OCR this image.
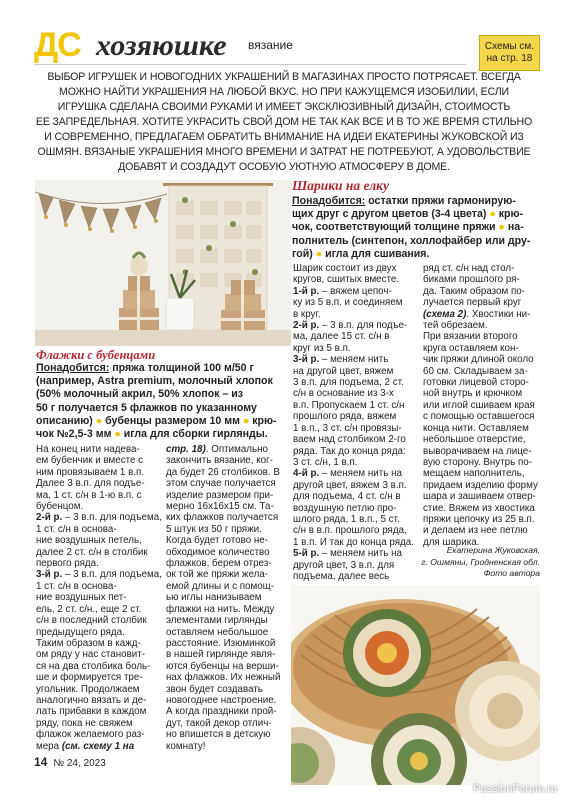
ДС хозяюшке вязание	Схемы см.
на стр. 18
ВЫБОР ИГРУШЕК И НОВОГОДНИХ УКРАШЕНИЙ В МАГАЗИНАХ ПРОСТО ПОТРЯСАЕТ. ВСЕГДА
МОЖНО НАЙТИ УКРАШЕНИЯ НА ЛЮБОЙ ВКУС. НО ПРИ КАЖУЩЕМСЯ ИЗОБИЛИИ, ЕСЛИ
ИГРУШКА СДЕЛАНА СВОИМИ РУКАМИ И ИМЕЕТ ЭКСКЛЮЗИВНЫЙ ДИЗАЙН, СТОИМОСТЬ
ЕЕ ЗАПРЕДЕЛЬНАЯ. ХОТИТЕ УКРАСИТЬ СВОЙ ДОМ НЕ ТАК КАК ВСЕ И В ТО ЖЕ ВРЕМЯ СТИЛЬНО
И СОВРЕМЕННО, ПРЕДЛАГАЕМ ОБРАТИТЬ ВНИМАНИЕ НА ИДЕИ ЕКАТЕРИНЫ ЖУКОВСКОЙ ИЗ
ОШМЯН. ВЯЗАНЫЕ УКРАШЕНИЯ МНОГО ВРЕМЕНИ И ЗАТРАТ НЕ ПОТРЕБУЮТ, А УДОВОЛЬСТВИЕ
ДОБАВЯТ И СОЗДАДУТ ОСОБУЮ УЮТНУЮ АТМОСФЕРУ В ДОМЕ.
Флажки с бубенцами
Понадобится: пряжа толщиной 100 м/50 г
(например, Astra premium, молочный хлопок
(50% молочный акрил, 50% хлопок – из
50 г получается 5 флажков по указанному
описанию) ● бубенцы размером 10 мм ● крю-
чок №2,5-3 мм ● игла для сборки гирлянды.
На конец нити надева-
ем бубенчик и вместе с
ним провязываем 1 в.п.
Далее 3 в.п. для подъе-
ма, 1 ст. с/н в 1-ю в.п. с
бубенцом.
2-й р. – 3 в.п. для подъема,
1 ст. с/н в основа-
ние воздушных петель,
далее 2 ст. с/н в столбик
первого ряда.
3-й р. – 3 в.п. для подъема,
1 ст. с/н в основа-
ние воздушных пет-
ель, 2 ст. с/н., еще 2 ст.
с/н в последний столбик
предыдущего ряда.
Таким образом в кажд-
ом ряду у нас становит-
ся на два столбика боль-
ше и формируется тре-
угольник. Продолжаем
аналогично вязать и де-
лать прибавки в каждом
ряду, пока не свяжем
флажок желаемого раз-
мера (см. схему 1 на
стр. 18). Оптимально
закончить вязание, ког-
да будет 26 столбиков. В
этом случае получается
изделие размером при-
мерно 16х16х15 см. Та-
ких флажков получается
5 штук из 50 г пряжи.
Когда будет готово не-
обходимое количество
флажков, берем отрез-
ок той же пряжи жела-
емой длины и с помощ-
ью иглы нанизываем
флажки на нить. Между
элементами гирлянды
оставляем небольшое
расстояние. Изюминкой
в нашей гирлянде явля-
ются бубенцы на верши-
нах флажков. Их нежный
звон будет создавать
новогоднее настроение.
А когда праздники прой-
дут, такой декор отлич-
но впишется в детскую
комнату!
Шарики на елку
Понадобится: остатки пряжи гармонирую-
щих друг с другом цветов (3-4 цвета) ● крю-
чок, соответствующий толщине пряжи ● на-
полнитель (синтепон, холлофайбер или дру-
гой) ● игла для сшивания.
Шарик состоит из двух
кругов, сшитых вместе.
1-й р. – вяжем цепоч-
ку из 5 в.п. и соединяем
в круг.
2-й р. – 3 в.п. для подъе-
ма, далее 15 ст. с/н в
круг из 5 в.п.
3-й р. – меняем нить
на другой цвет, вяжем
3 в.п. для подъема, 2 ст.
с/н в основание из 3-х
в.п. Пропускаем 1 ст. с/н
прошлого ряда, вяжем
1 в.п., 3 ст. с/н провязы-
ваем над столбиком 2-го
ряда. Так до конца ряда:
3 ст. с/н, 1 в.п.
4-й р. – меняем нить на
другой цвет, вяжем 3 в.п.
для подъема, 4 ст. с/н в
воздушную петлю про-
шлого ряда, 1 в.п., 5 ст.
с/н в в.п. прошлого ряда,
1 в.п. И так до конца ряда.
5-й р. – меняем нить на
другой цвет, 3 в.п. для
подъема, далее весь
ряд ст. с/н над стол-
биками прошлого ря-
да. Таким образом по-
лучается первый круг
(схема 2). Хвостики ни-
тей обрезаем.
При вязании второго
круга оставляем кон-
чик пряжи длиной около
60 см. Складываем за-
готовки лицевой сторо-
ной внутрь и крючком
или иглой сшиваем края
с помощью оставшегося
конца нити. Оставляем
небольшое отверстие,
выворачиваем на лице-
вую сторону. Внутрь по-
мещаем наполнитель,
придаем изделию форму
шара и зашиваем отвер-
стие. Вяжем из хвостика
пряжи цепочку из 25 в.п.
и делаем из нее петлю
для шарика.
Екатерина Жуковская,
г. Ошмяны, Гродненская обл.
Фото автора
14 № 24, 2023
PassionForum.ru
